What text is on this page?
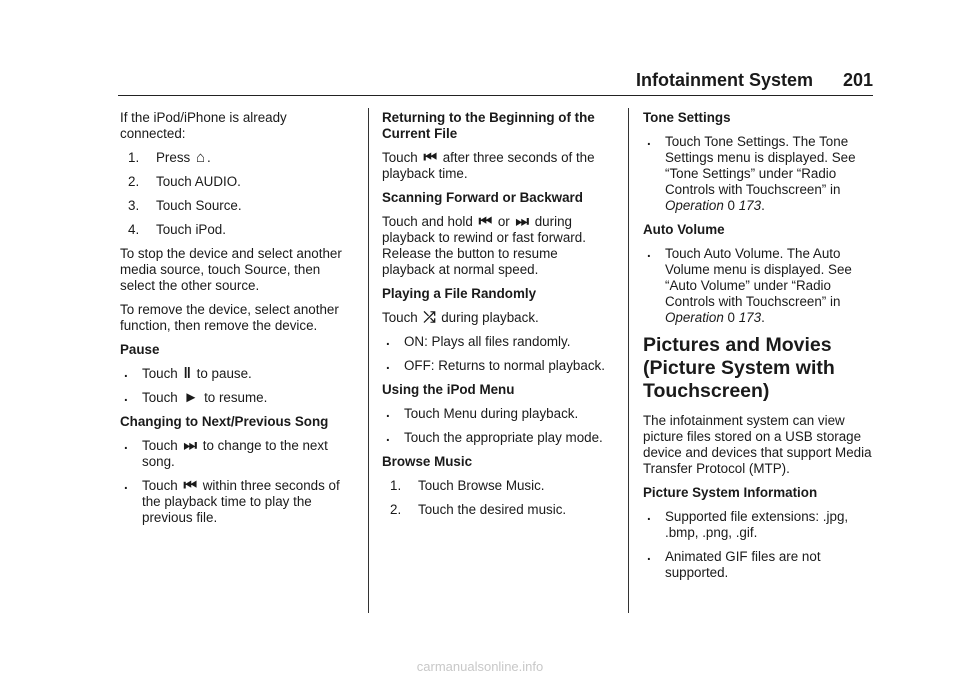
Infotainment System 201

If the iPod/iPhone is already connected:

1. Press ⌂ .
2. Touch AUDIO.
3. Touch Source.
4. Touch iPod.

To stop the device and select another media source, touch Source, then select the other source.

To remove the device, select another function, then remove the device.

Pause
. Touch ‖ to pause.
. Touch ► to resume.
Changing to Next/Previous Song
. Touch ⏭ to change to the next song.
. Touch ⏮ within three seconds of the playback time to play the previous file.
Returning to the Beginning of the Current File

Touch ⏮ after three seconds of the playback time.

Scanning Forward or Backward

Touch and hold ⏮ or ⏭ during playback to rewind or fast forward. Release the button to resume playback at normal speed.

Playing a File Randomly

Touch ⤮ during playback.

. ON: Plays all files randomly.
. OFF: Returns to normal playback.
Using the iPod Menu
. Touch Menu during playback.
. Touch the appropriate play mode.
Browse Music
1. Touch Browse Music.
2. Touch the desired music.
Tone Settings
. Touch Tone Settings. The Tone Settings menu is displayed. See “Tone Settings” under “Radio Controls with Touchscreen” in Operation 0 173.
Auto Volume
. Touch Auto Volume. The Auto Volume menu is displayed. See “Auto Volume” under “Radio Controls with Touchscreen” in Operation 0 173.
Pictures and Movies (Picture System with Touchscreen)

The infotainment system can view picture files stored on a USB storage device and devices that support Media Transfer Protocol (MTP).

Picture System Information
. Supported file extensions: .jpg, .bmp, .png, .gif.
. Animated GIF files are not supported.
carmanualsonline.info
